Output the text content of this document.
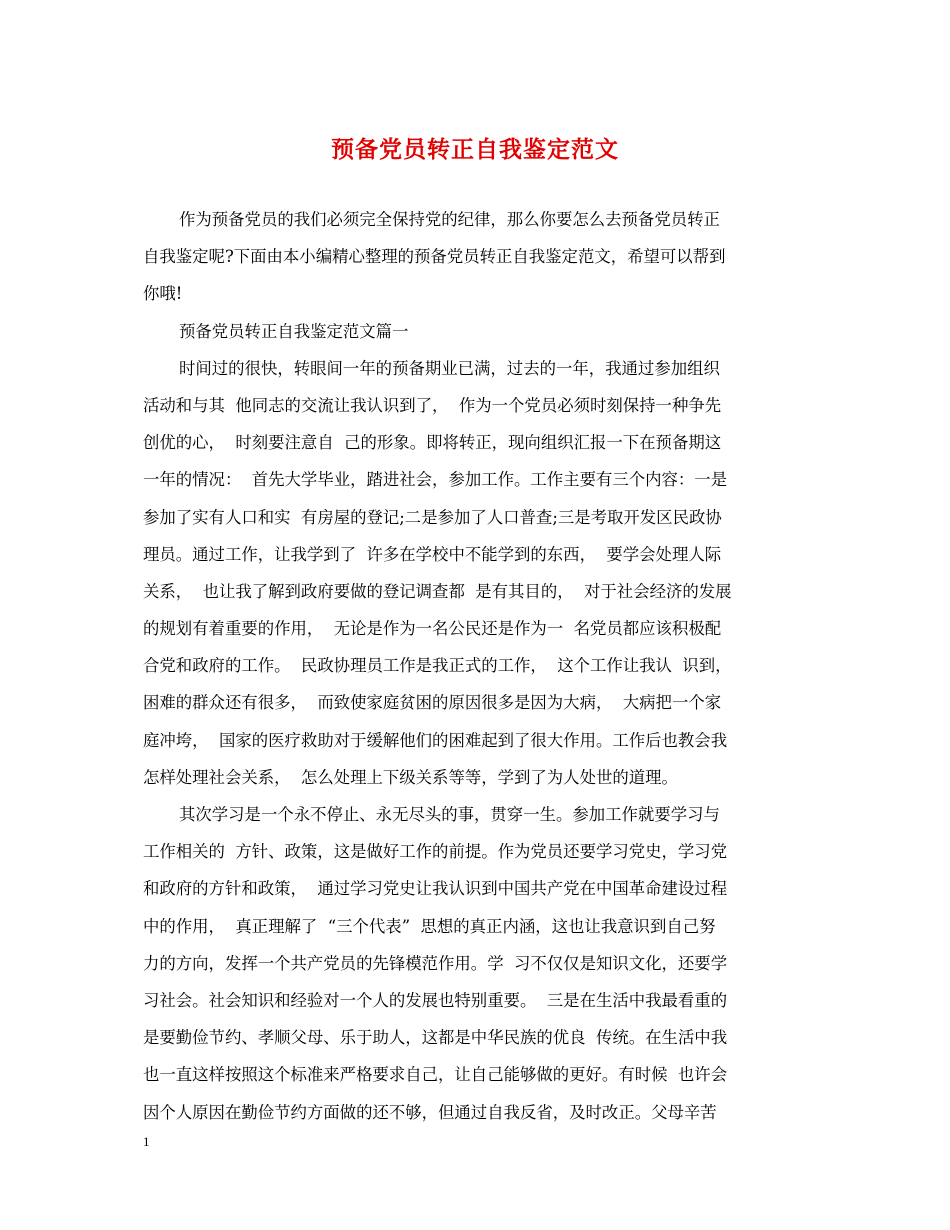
预备党员转正自我鉴定范文
作为预备党员的我们必须完全保持党的纪律，那么你要怎么去预备党员转正
自我鉴定呢?下面由本小编精心整理的预备党员转正自我鉴定范文，希望可以帮到
你哦!
预备党员转正自我鉴定范文篇一
时间过的很快，转眼间一年的预备期业已满，过去的一年，我通过参加组织
活动和与其  他同志的交流让我认识到了，  作为一个党员必须时刻保持一种争先
创优的心，  时刻要注意自  己的形象。即将转正，现向组织汇报一下在预备期这
一年的情况：  首先大学毕业，踏进社会，参加工作。工作主要有三个内容：一是
参加了实有人口和实  有房屋的登记;二是参加了人口普查;三是考取开发区民政协
理员。通过工作，让我学到了  许多在学校中不能学到的东西，  要学会处理人际
关系，  也让我了解到政府要做的登记调查都  是有其目的，  对于社会经济的发展
的规划有着重要的作用，  无论是作为一名公民还是作为一  名党员都应该积极配
合党和政府的工作。  民政协理员工作是我正式的工作，  这个工作让我认  识到，
困难的群众还有很多，  而致使家庭贫困的原因很多是因为大病，  大病把一个家
庭冲垮，  国家的医疗救助对于缓解他们的困难起到了很大作用。工作后也教会我
怎样处理社会关系，  怎么处理上下级关系等等，学到了为人处世的道理。
其次学习是一个永不停止、永无尽头的事，贯穿一生。参加工作就要学习与
工作相关的  方针、政策，这是做好工作的前提。作为党员还要学习党史，学习党
和政府的方针和政策，  通过学习党史让我认识到中国共产党在中国革命建设过程
中的作用，  真正理解了  “三个代表”  思想的真正内涵，这也让我意识到自己努
力的方向，发挥一个共产党员的先锋模范作用。学  习不仅仅是知识文化，还要学
习社会。社会知识和经验对一个人的发展也特别重要。  三是在生活中我最看重的
是要勤俭节约、孝顺父母、乐于助人，这都是中华民族的优良  传统。在生活中我
也一直这样按照这个标准来严格要求自己，让自己能够做的更好。有时候  也许会
因个人原因在勤俭节约方面做的还不够，但通过自我反省，及时改正。父母辛苦
1
